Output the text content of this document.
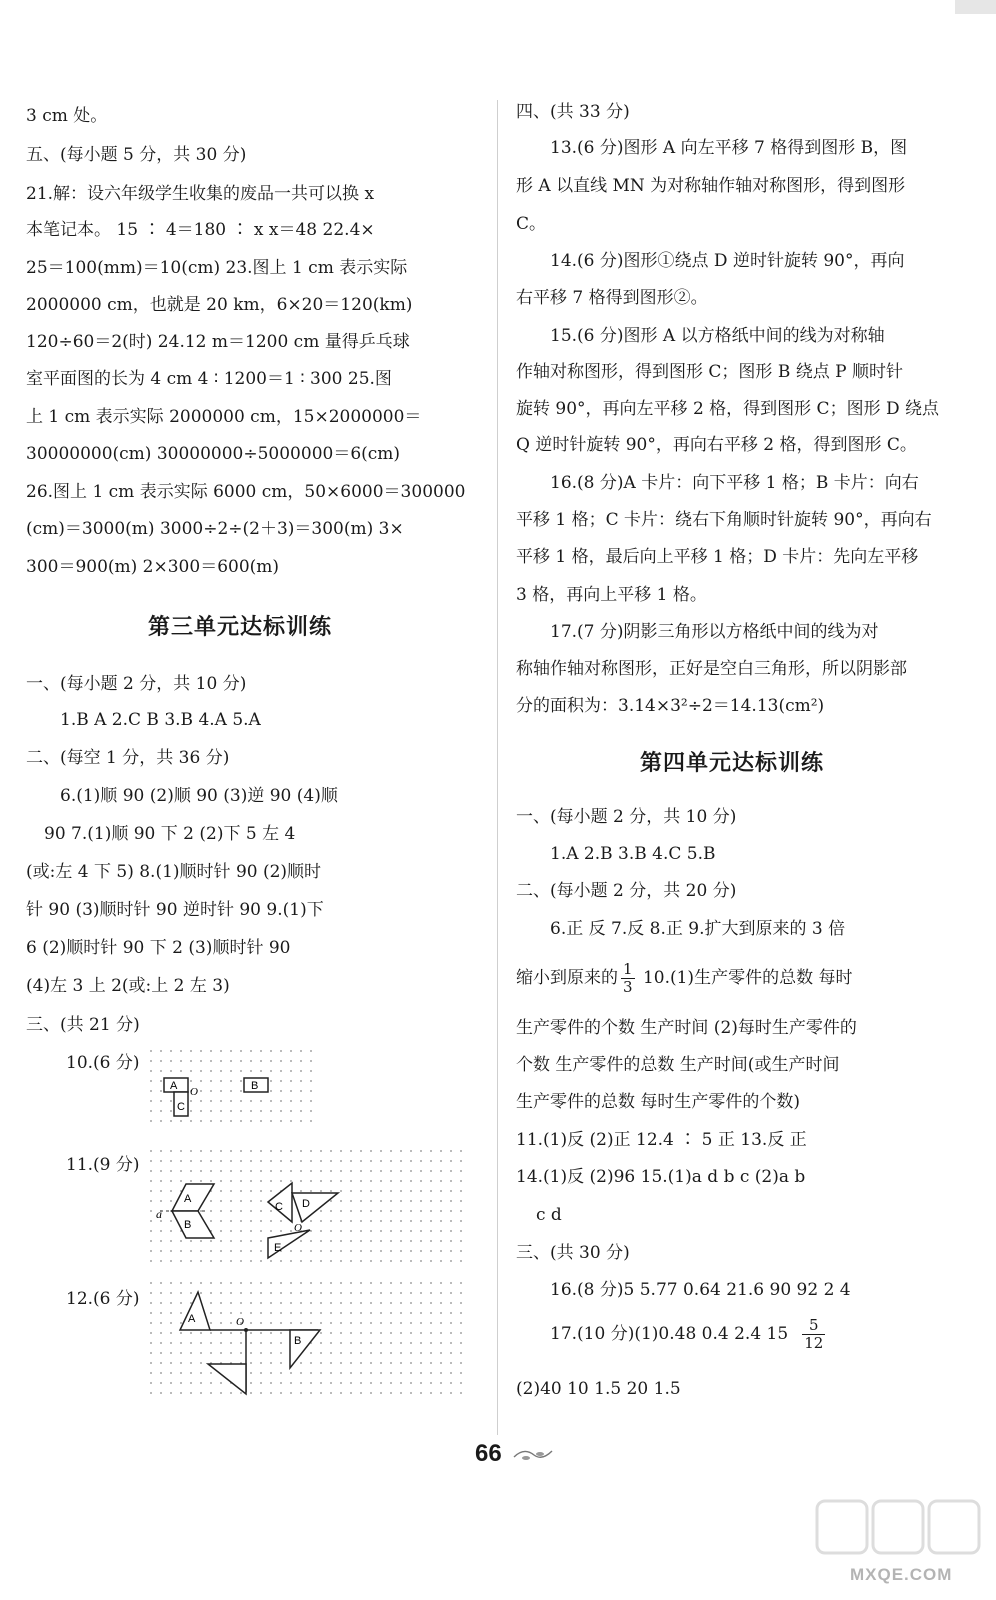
3 cm 处。
五、(每小题 5 分，共 30 分)
21.解：设六年级学生收集的废品一共可以换 x
本笔记本。 15 ∶ 4＝180 ∶ x x＝48 22.4×
25＝100(mm)＝10(cm) 23.图上 1 cm 表示实际
2000000 cm，也就是 20 km，6×20＝120(km)
120÷60＝2(时) 24.12 m＝1200 cm 量得乒乓球
室平面图的长为 4 cm 4 ∶ 1200＝1 ∶ 300 25.图
上 1 cm 表示实际 2000000 cm，15×2000000＝
30000000(cm) 30000000÷5000000＝6(cm)
26.图上 1 cm 表示实际 6000 cm，50×6000＝300000
(cm)＝3000(m) 3000÷2÷(2＋3)＝300(m) 3×
300＝900(m) 2×300＝600(m)
第三单元达标训练
一、(每小题 2 分，共 10 分)
1.B A 2.C B 3.B 4.A 5.A
二、(每空 1 分，共 36 分)
6.(1)顺 90 (2)顺 90 (3)逆 90 (4)顺
90 7.(1)顺 90 下 2 (2)下 5 左 4
(或:左 4 下 5) 8.(1)顺时针 90 (2)顺时
针 90 (3)顺时针 90 逆时针 90 9.(1)下
6 (2)顺时针 90 下 2 (3)顺时针 90
(4)左 3 上 2(或:上 2 左 3)
三、(共 21 分)
10.(6 分)
11.(9 分)
12.(6 分)
A
C
B
O
A
B
a	C D
E
O
A
B
O
四、(共 33 分)
13.(6 分)图形 A 向左平移 7 格得到图形 B，图
形 A 以直线 MN 为对称轴作轴对称图形，得到图形
C。
14.(6 分)图形①绕点 D 逆时针旋转 90°，再向
右平移 7 格得到图形②。
15.(6 分)图形 A 以方格纸中间的线为对称轴
作轴对称图形，得到图形 C；图形 B 绕点 P 顺时针
旋转 90°，再向左平移 2 格，得到图形 C；图形 D 绕点
Q 逆时针旋转 90°，再向右平移 2 格，得到图形 C。
16.(8 分)A 卡片：向下平移 1 格；B 卡片：向右
平移 1 格；C 卡片：绕右下角顺时针旋转 90°，再向右
平移 1 格，最后向上平移 1 格；D 卡片：先向左平移
3 格，再向上平移 1 格。
17.(7 分)阴影三角形以方格纸中间的线为对
称轴作轴对称图形，正好是空白三角形，所以阴影部
分的面积为：3.14×3²÷2＝14.13(cm²)
第四单元达标训练
一、(每小题 2 分，共 10 分)
1.A 2.B 3.B 4.C 5.B
二、(每小题 2 分，共 20 分)
6.正 反 7.反 8.正 9.扩大到原来的 3 倍
缩小到原来的 $\frac{1}{3} 10.(1)$生产零件的总数 每时
生产零件的个数 生产时间 (2)每时生产零件的
个数 生产零件的总数 生产时间(或生产时间
生产零件的总数 每时生产零件的个数)
11.(1)反 (2)正 12.4 ∶ 5 正 13.反 正
14.(1)反 (2)96 15.(1)a d b c (2)a b
c d
三、(共 30 分)
16.(8 分)5 5.77 0.64 21.6 90 92 2 4
17.(10 分)(1)0.48 0.4 2.4 $15 \frac{5}{12}$
(2)40 10 1.5 20 1.5
66
MXQE.COM
